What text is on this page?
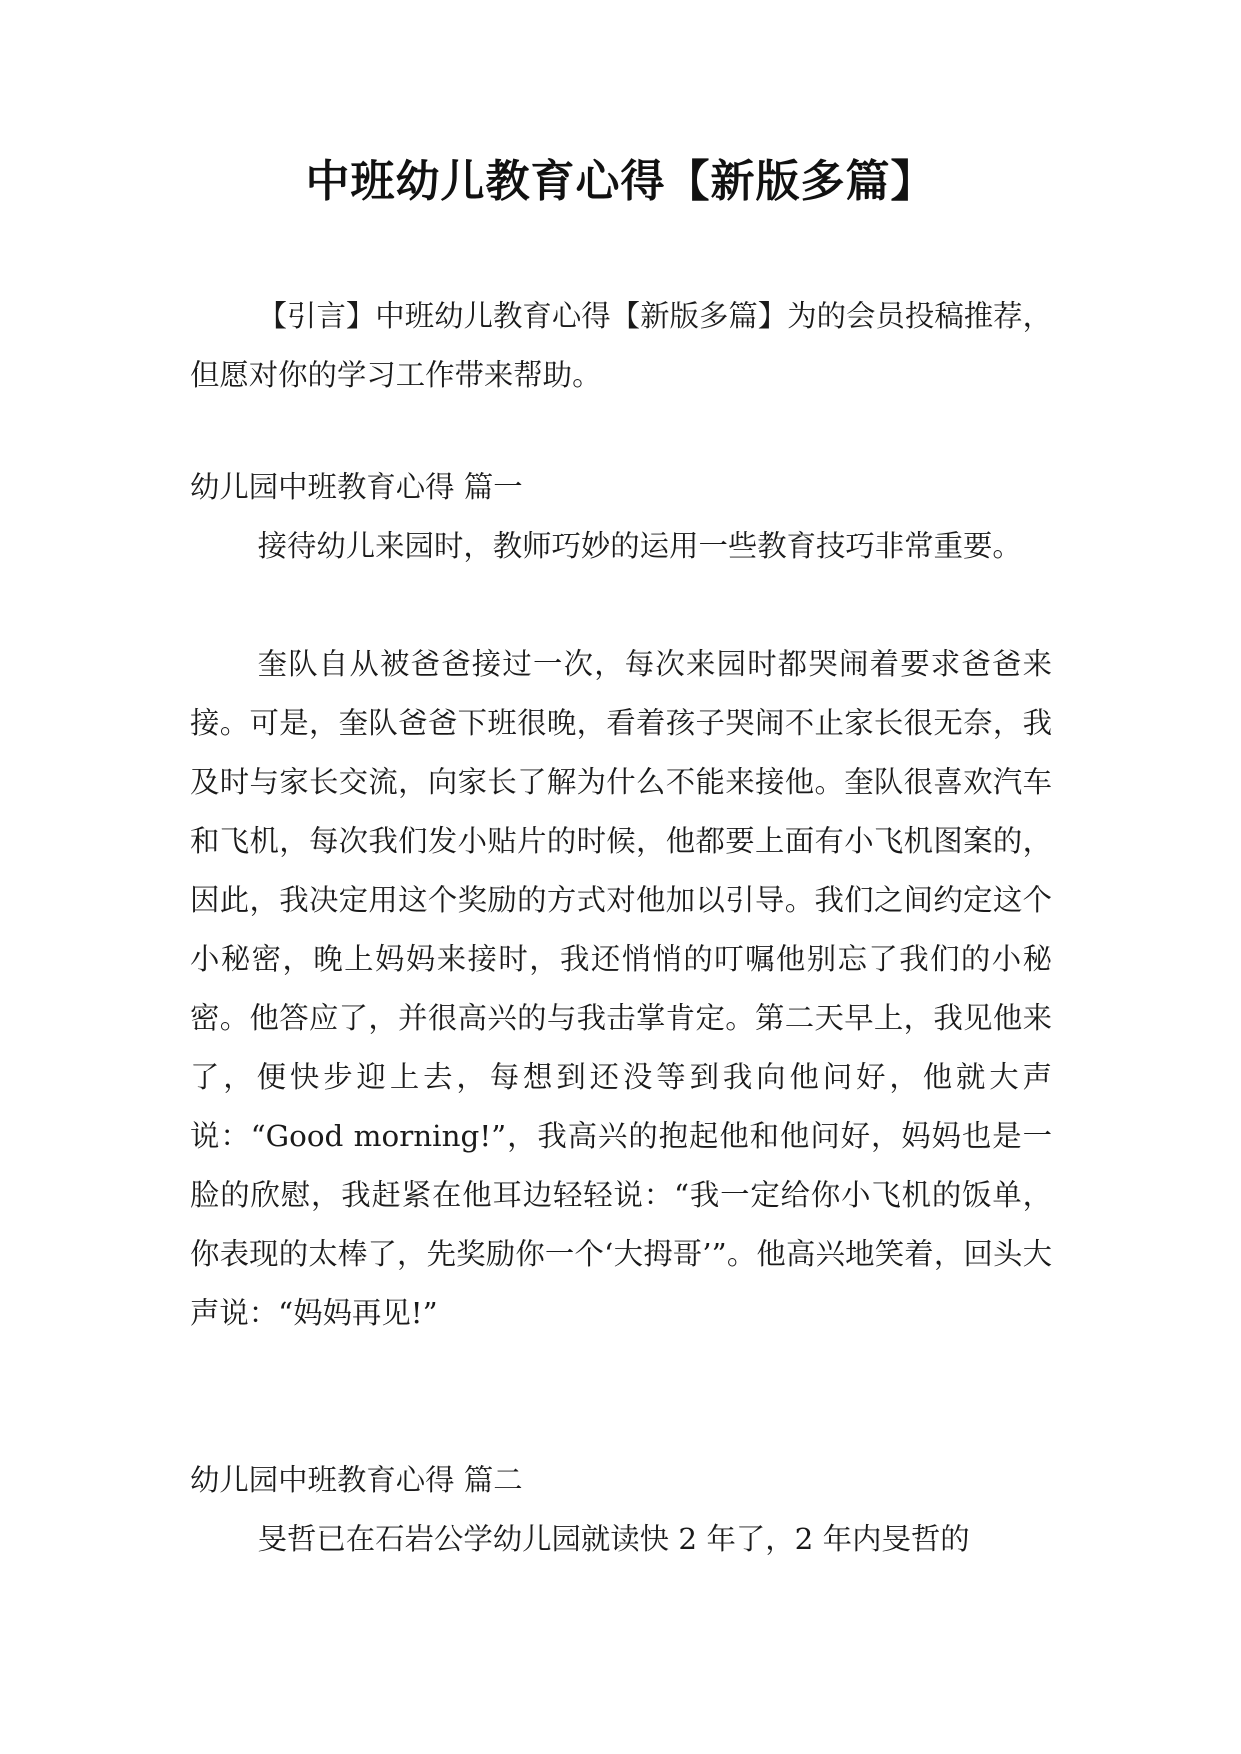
中班幼儿教育心得【新版多篇】

【引言】中班幼儿教育心得【新版多篇】为的会员投稿推荐，但愿对你的学习工作带来帮助。

幼儿园中班教育心得 篇一

接待幼儿来园时，教师巧妙的运用一些教育技巧非常重要。

奎队自从被爸爸接过一次，每次来园时都哭闹着要求爸爸来接。可是，奎队爸爸下班很晚，看着孩子哭闹不止家长很无奈，我及时与家长交流，向家长了解为什么不能来接他。奎队很喜欢汽车和飞机，每次我们发小贴片的时候，他都要上面有小飞机图案的，因此，我决定用这个奖励的方式对他加以引导。我们之间约定这个小秘密，晚上妈妈来接时，我还悄悄的叮嘱他别忘了我们的小秘密。他答应了，并很高兴的与我击掌肯定。第二天早上，我见他来了，便快步迎上去，每想到还没等到我向他问好，他就大声说：“Good morning!”，我高兴的抱起他和他问好，妈妈也是一脸的欣慰，我赶紧在他耳边轻轻说：“我一定给你小飞机的饭单，你表现的太棒了，先奖励你一个‘大拇哥’”。他高兴地笑着，回头大声说：“妈妈再见!”

幼儿园中班教育心得 篇二

旻哲已在石岩公学幼儿园就读快 2 年了，2 年内旻哲的
